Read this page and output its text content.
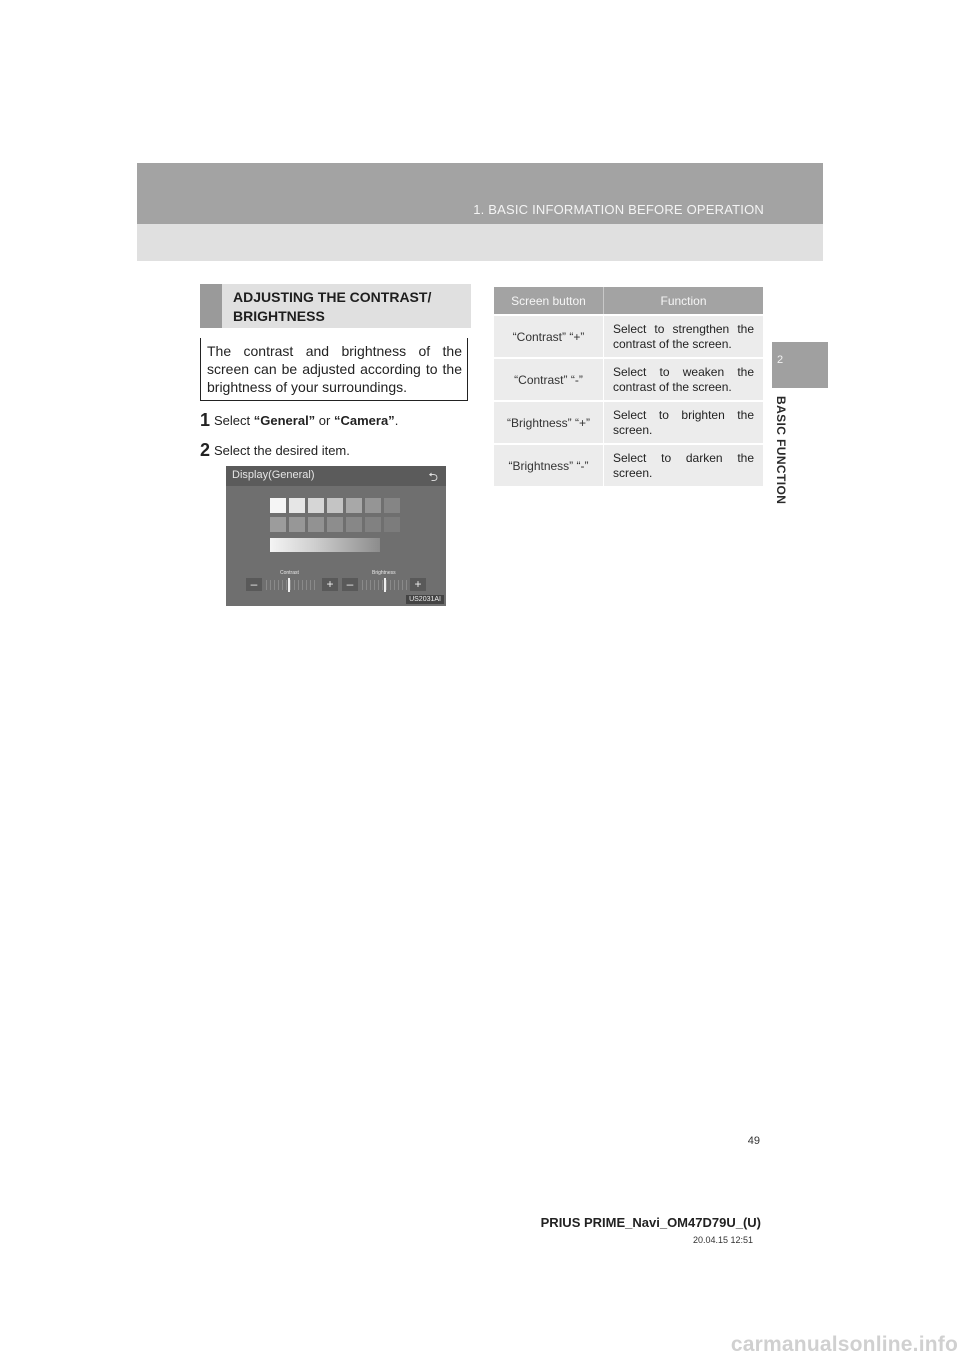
1. BASIC INFORMATION BEFORE OPERATION
2
BASIC FUNCTION
ADJUSTING THE CONTRAST/ BRIGHTNESS
The contrast and brightness of the screen can be adjusted according to the brightness of your surroundings.
1 Select “General” or “Camera”.
2 Select the desired item.
Display(General)	⮌
Contrast	Brightness
–	+	–	+
US2031AI
Screen button	Function
“Contrast” “+”	Select to strengthen the contrast of the screen.
“Contrast” “-”	Select to weaken the contrast of the screen.
“Brightness” “+”	Select to brighten the screen.
“Brightness” “-”	Select to darken the screen.
49
PRIUS PRIME_Navi_OM47D79U_(U)
20.04.15 12:51
carmanualsonline.info
